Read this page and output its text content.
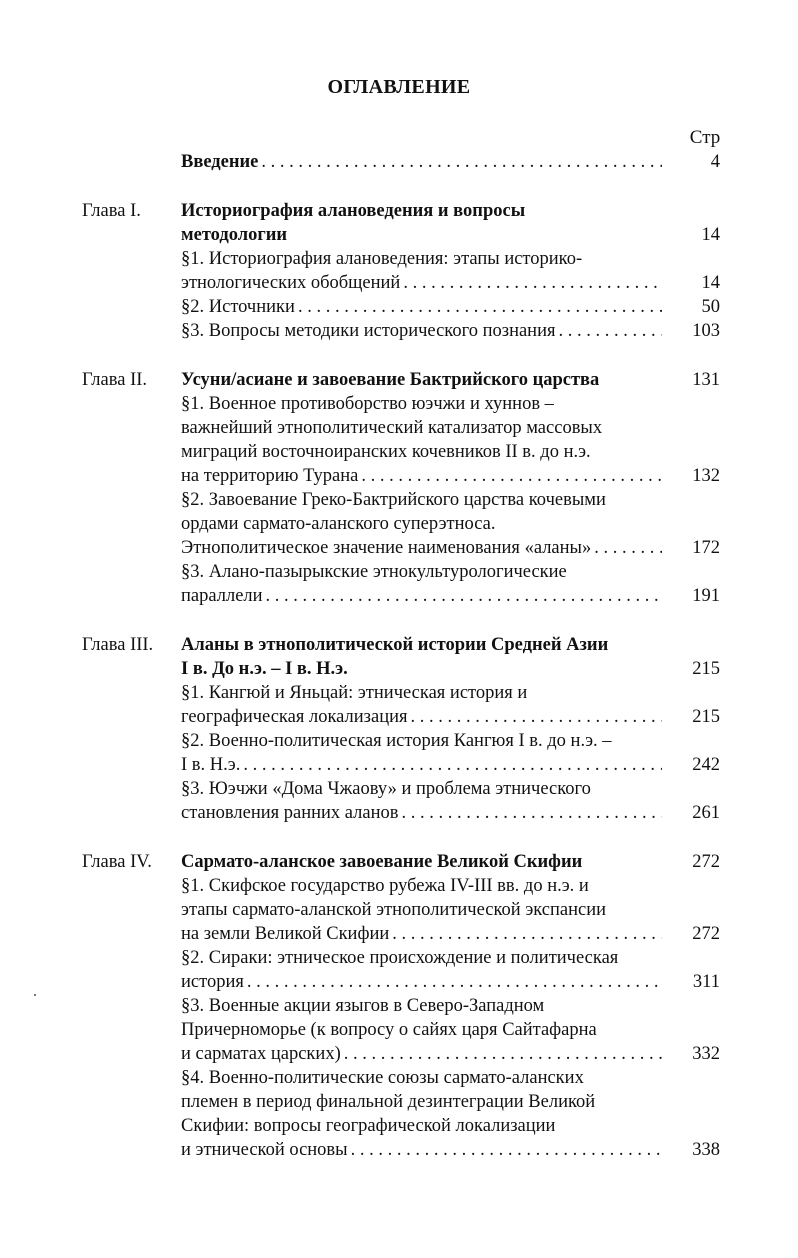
ОГЛАВЛЕНИЕ
Стр
Введение . . .	4
Глава I. Историография алановедения и вопросы
методологии	14
§1. Историография алановедения: этапы историко-
этнологических обобщений . . .	14
§2. Источники . . .	50
§3. Вопросы методики исторического познания . . .	103
Глава II. Усуни/асиане и завоевание Бактрийского царства	131
§1. Военное противоборство юэчжи и хуннов –
важнейший этнополитический катализатор массовых
миграций восточноиранских кочевников II в. до н.э.
на территорию Турана . . .	132
§2. Завоевание Греко-Бактрийского царства кочевыми
ордами сармато-аланского суперэтноса.
Этнополитическое значение наименования «аланы» . . .	172
§3. Алано-пазырыкские этнокультурологические
параллели . . .	191
Глава III. Аланы в этнополитической истории Средней Азии
I в. До н.э. – I в. Н.э.	215
§1. Кангюй и Яньцай: этническая история и
географическая локализация . . .	215
§2. Военно-политическая история Кангюя I в. до н.э. –
I в. Н.э. . . .	242
§3. Юэчжи «Дома Чжаову» и проблема этнического
становления ранних аланов . . .	261
Глава IV. Сармато-аланское завоевание Великой Скифии	272
§1. Скифское государство рубежа IV-III вв. до н.э. и
этапы сармато-аланской этнополитической экспансии
на земли Великой Скифии . . .	272
§2. Сираки: этническое происхождение и политическая
история . . .	311
§3. Военные акции языгов в Северо-Западном
Причерноморье (к вопросу о сайях царя Сайтафарна
и сарматах царских) . . .	332
§4. Военно-политические союзы сармато-аланских
племен в период финальной дезинтеграции Великой
Скифии: вопросы географической локализации
и этнической основы . . .	338
